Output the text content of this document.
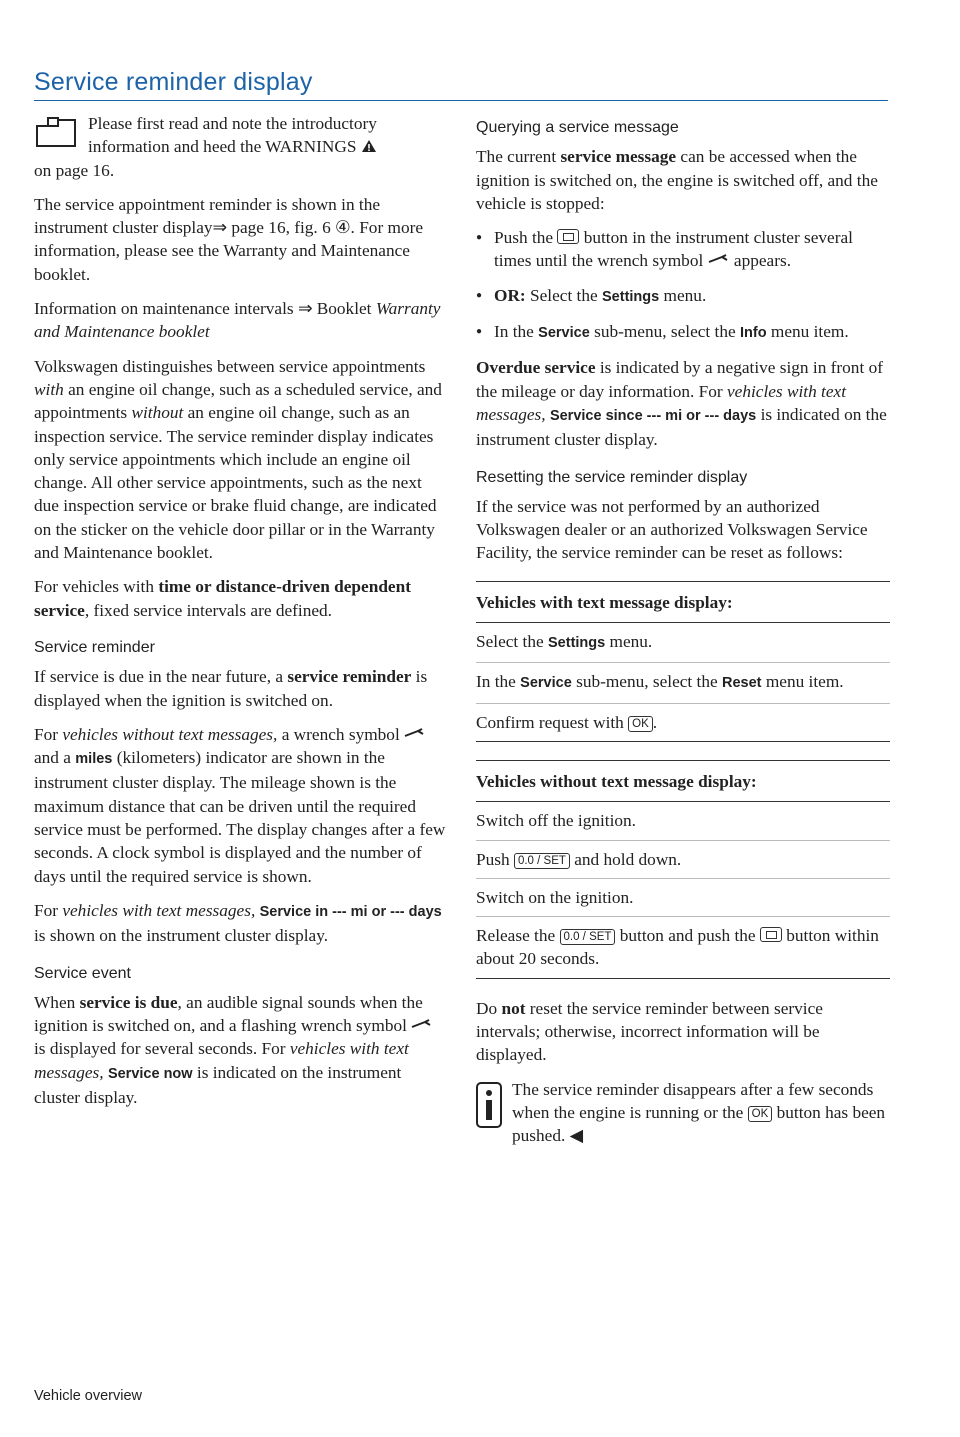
Service reminder display

Please first read and note the introductory information and heed the WARNINGS
on page 16.

The service appointment reminder is shown in the instrument cluster display⇒ page 16, fig. 6 ④. For more information, please see the Warranty and Maintenance booklet.

Information on maintenance intervals ⇒ Booklet Warranty and Maintenance booklet

Volkswagen distinguishes between service appointments with an engine oil change, such as a scheduled service, and appointments without an engine oil change, such as an inspection service. The service reminder display indicates only service appointments which include an engine oil change. All other service appointments, such as the next due inspection service or brake fluid change, are indicated on the sticker on the vehicle door pillar or in the Warranty and Maintenance booklet.

For vehicles with time or distance-driven dependent service, fixed service intervals are defined.

Service reminder

If service is due in the near future, a service reminder is displayed when the ignition is switched on.

For vehicles without text messages, a wrench symbol  and a miles (kilometers) indicator are shown in the instrument cluster display. The mileage shown is the maximum distance that can be driven until the required service must be performed. The display changes after a few seconds. A clock symbol is displayed and the number of days until the required service is shown.

For vehicles with text messages, Service in --- mi or --- days is shown on the instrument cluster display.

Service event

When service is due, an audible signal sounds when the ignition is switched on, and a flashing wrench symbol  is displayed for several seconds. For vehicles with text messages, Service now is indicated on the instrument cluster display.

Querying a service message

The current service message can be accessed when the ignition is switched on, the engine is switched off, and the vehicle is stopped:

● Push the button in the instrument cluster several times until the wrench symbol appears.
● OR: Select the Settings menu.
● In the Service sub-menu, select the Info menu item.

Overdue service is indicated by a negative sign in front of the mileage or day information. For vehicles with text messages, Service since --- mi or --- days is indicated on the instrument cluster display.

Resetting the service reminder display

If the service was not performed by an authorized Volkswagen dealer or an authorized Volkswagen Service Facility, the service reminder can be reset as follows:

Vehicles with text message display:
Select the Settings menu.
In the Service sub-menu, select the Reset menu item.
Confirm request with OK .
Vehicles without text message display:
Switch off the ignition.
Push 0.0 / SET and hold down.
Switch on the ignition.
Release the 0.0 / SET button and push the button within about 20 seconds.

Do not reset the service reminder between service intervals; otherwise, incorrect information will be displayed.

The service reminder disappears after a few seconds when the engine is running or the OK button has been pushed. ◀

Vehicle overview
